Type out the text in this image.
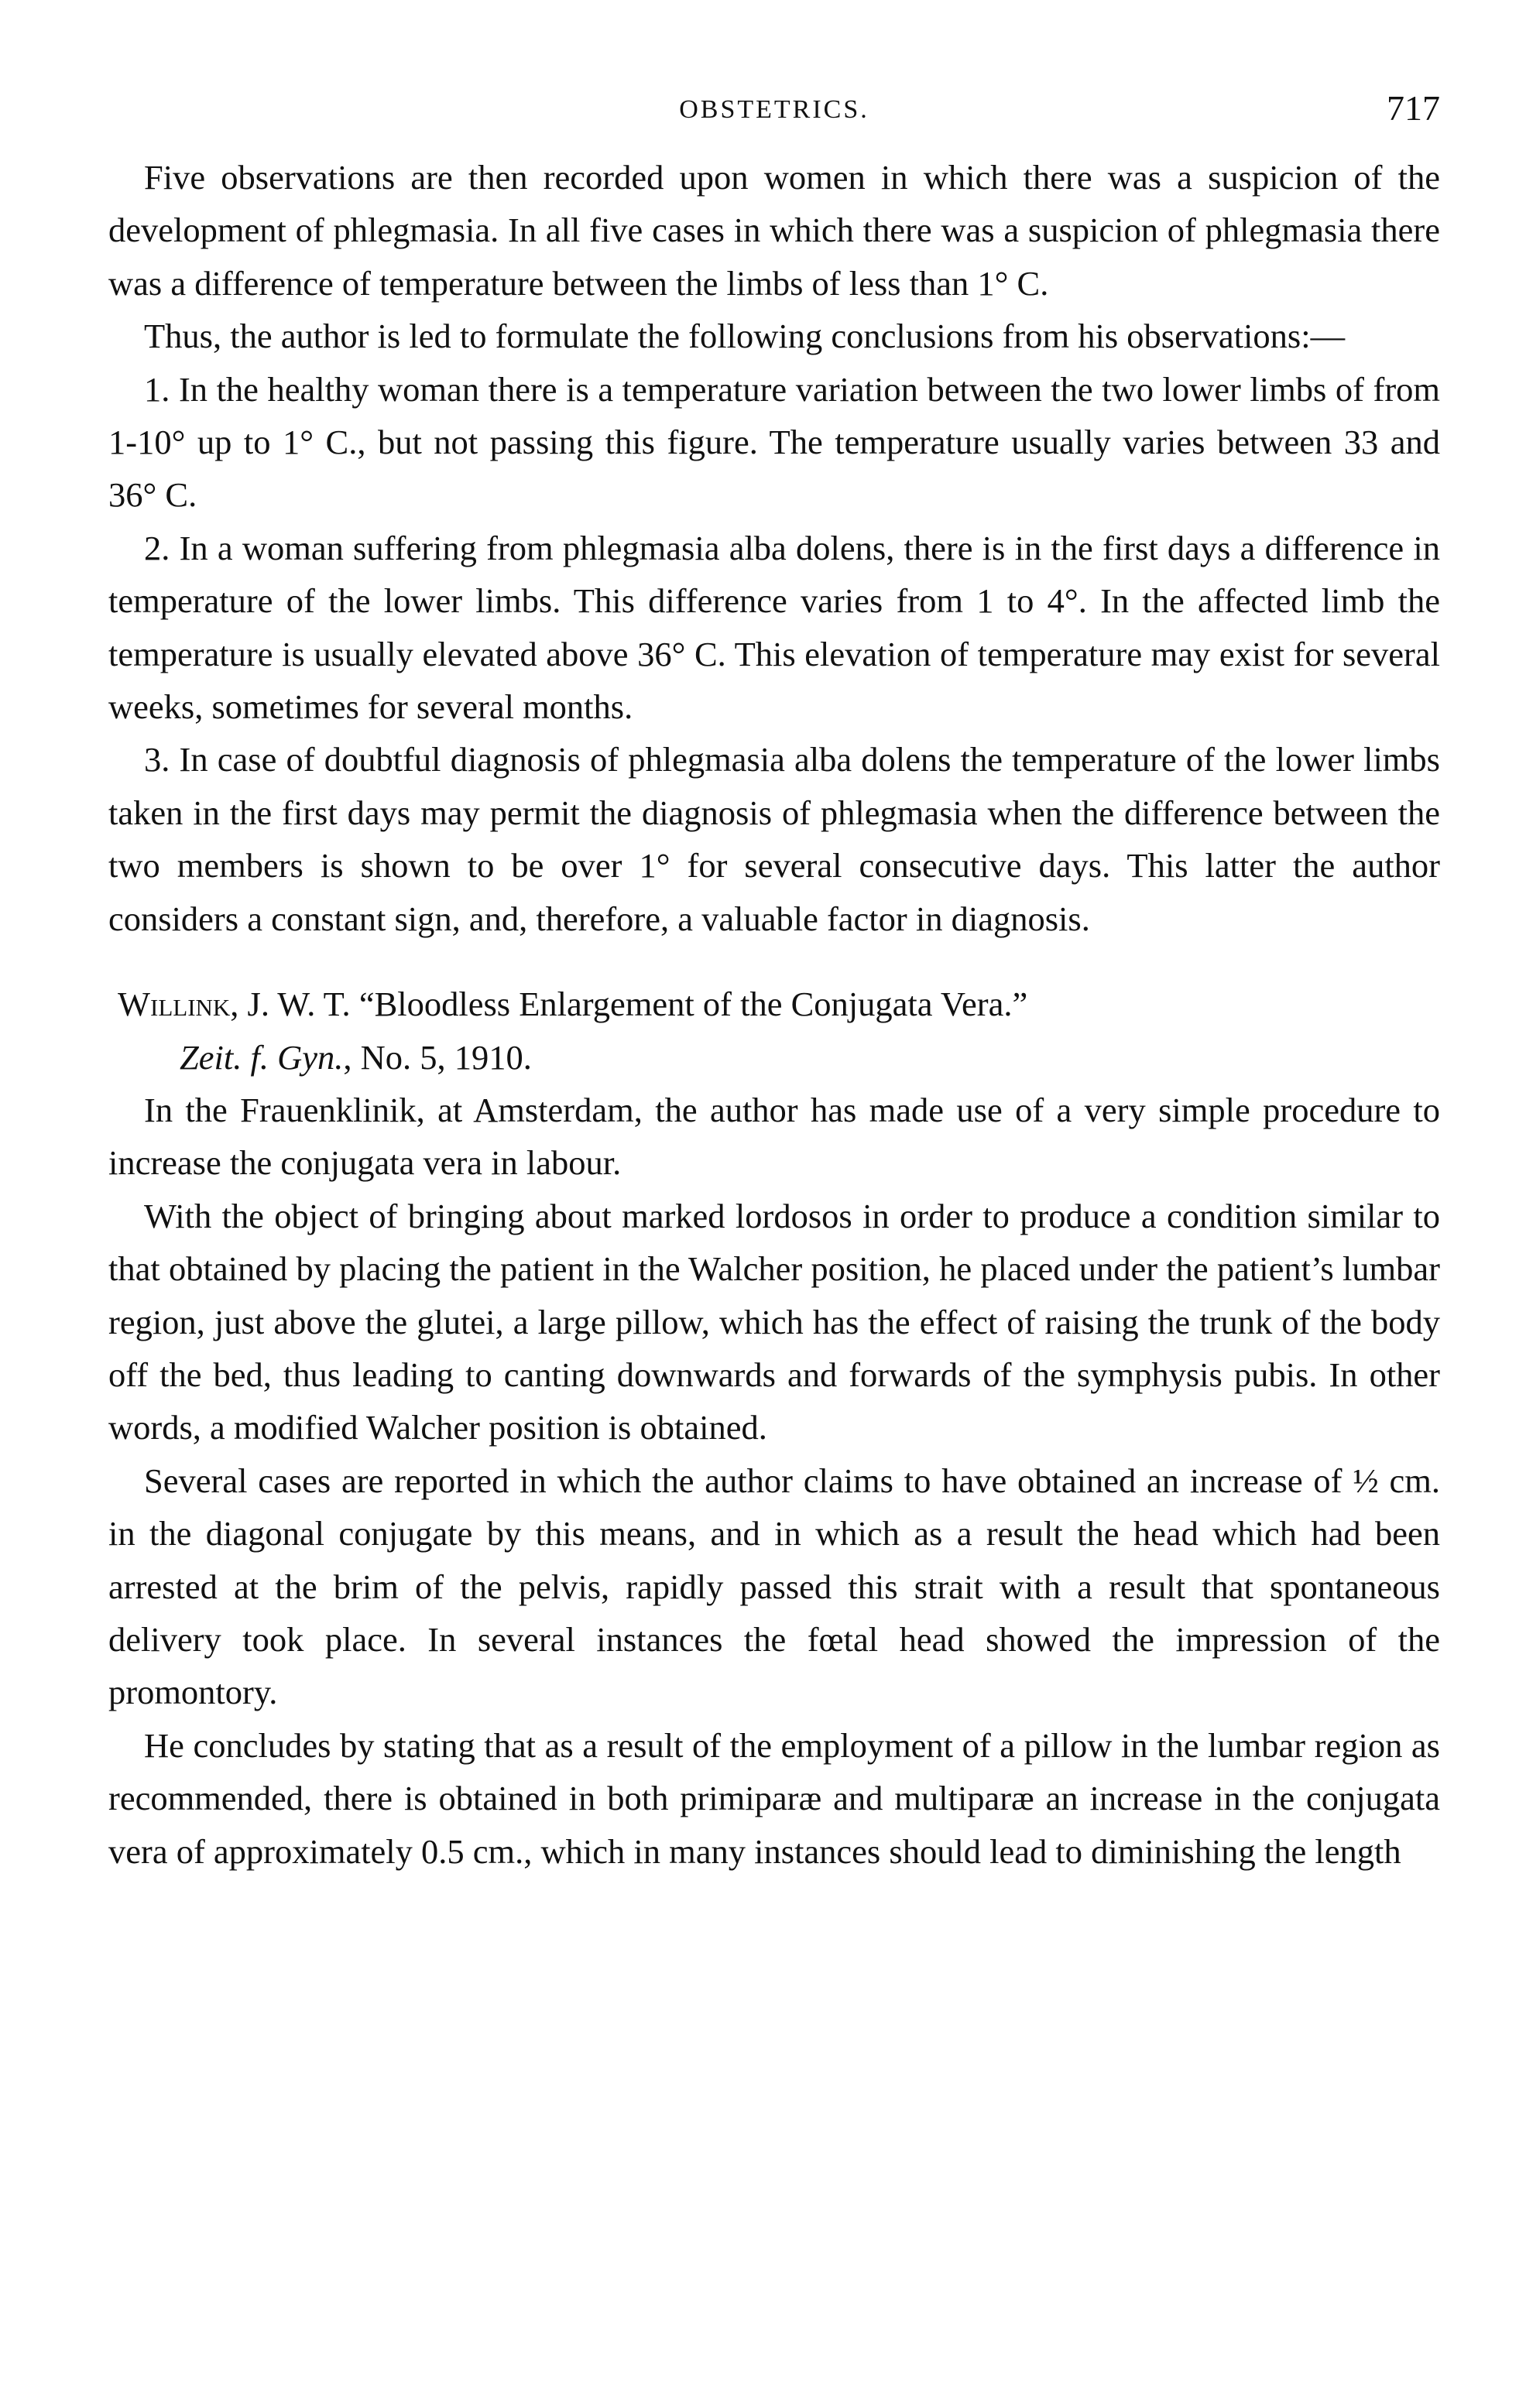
OBSTETRICS.	717

Five observations are then recorded upon women in which there was a suspicion of the development of phlegmasia. In all five cases in which there was a suspicion of phlegmasia there was a difference of temperature between the limbs of less than 1° C.

Thus, the author is led to formulate the following conclusions from his observations:—

1. In the healthy woman there is a temperature variation between the two lower limbs of from 1-10° up to 1° C., but not passing this figure. The temperature usually varies between 33 and 36° C.

2. In a woman suffering from phlegmasia alba dolens, there is in the first days a difference in temperature of the lower limbs. This difference varies from 1 to 4°. In the affected limb the temperature is usually elevated above 36° C. This elevation of temperature may exist for several weeks, sometimes for several months.

3. In case of doubtful diagnosis of phlegmasia alba dolens the temperature of the lower limbs taken in the first days may permit the diagnosis of phlegmasia when the difference between the two members is shown to be over 1° for several consecutive days. This latter the author considers a constant sign, and, therefore, a valuable factor in diagnosis.

Willink, J. W. T. “Bloodless Enlargement of the Conjugata Vera.”
Zeit. f. Gyn., No. 5, 1910.

In the Frauenklinik, at Amsterdam, the author has made use of a very simple procedure to increase the conjugata vera in labour.

With the object of bringing about marked lordosos in order to produce a condition similar to that obtained by placing the patient in the Walcher position, he placed under the patient’s lumbar region, just above the glutei, a large pillow, which has the effect of raising the trunk of the body off the bed, thus leading to canting downwards and forwards of the symphysis pubis. In other words, a modified Walcher position is obtained.

Several cases are reported in which the author claims to have obtained an increase of ½ cm. in the diagonal conjugate by this means, and in which as a result the head which had been arrested at the brim of the pelvis, rapidly passed this strait with a result that spontaneous delivery took place. In several instances the fœtal head showed the impression of the promontory.

He concludes by stating that as a result of the employment of a pillow in the lumbar region as recommended, there is obtained in both primiparæ and multiparæ an increase in the conjugata vera of approximately 0.5 cm., which in many instances should lead to diminishing the length
